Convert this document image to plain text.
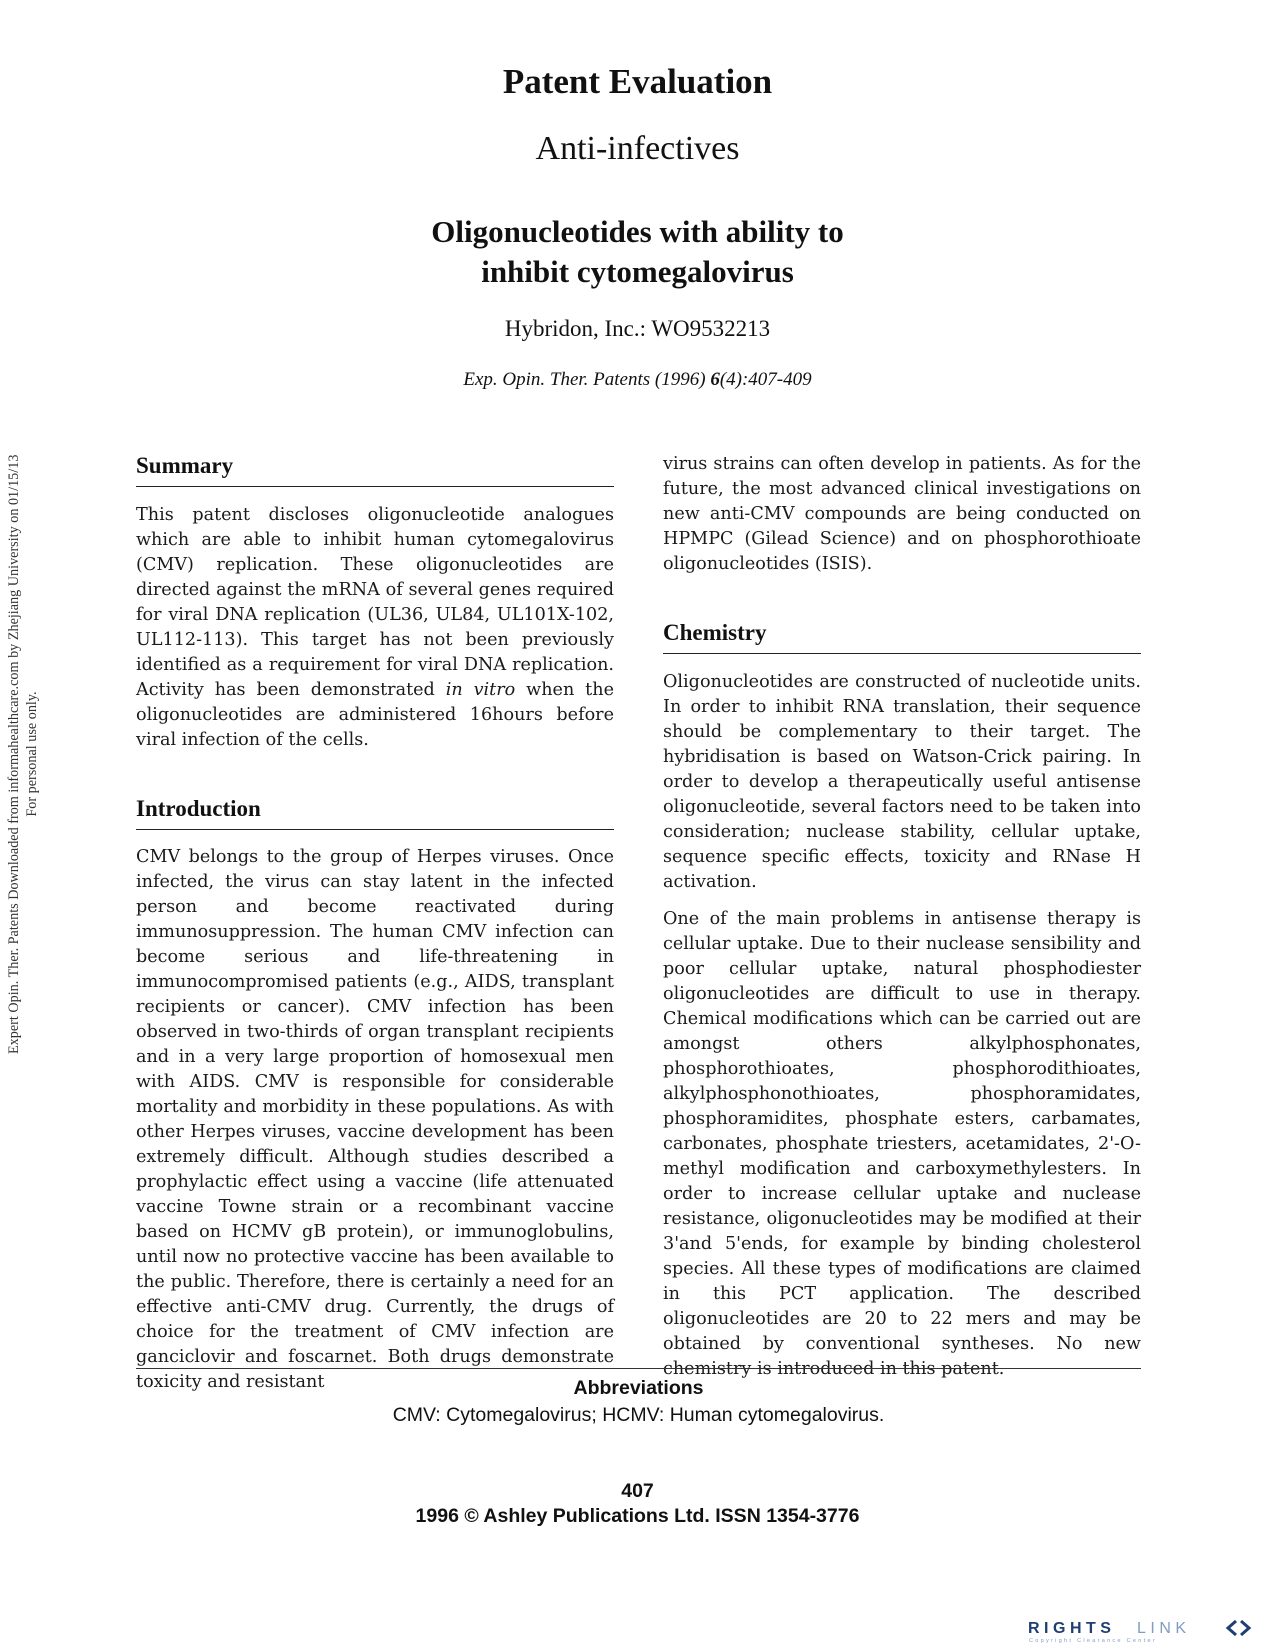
Expert Opin. Ther. Patents Downloaded from informahealthcare.com by Zhejiang University on 01/15/13 For personal use only.
Patent Evaluation
Anti-infectives
Oligonucleotides with ability to
inhibit cytomegalovirus
Hybridon, Inc.: WO9532213
Exp. Opin. Ther. Patents (1996) 6(4):407-409
Summary

This patent discloses oligonucleotide analogues which are able to inhibit human cytomegalovirus (CMV) replication. These oligonucleotides are directed against the mRNA of several genes required for viral DNA replication (UL36, UL84, UL101X-102, UL112-113). This target has not been previously identified as a requirement for viral DNA replication. Activity has been demonstrated in vitro when the oligonucleotides are administered 16hours before viral infection of the cells.

Introduction

CMV belongs to the group of Herpes viruses. Once infected, the virus can stay latent in the infected person and become reactivated during immunosuppression. The human CMV infection can become serious and life-threatening in immunocompromised patients (e.g., AIDS, transplant recipients or cancer). CMV infection has been observed in two-thirds of organ transplant recipients and in a very large proportion of homosexual men with AIDS. CMV is responsible for considerable mortality and morbidity in these populations. As with other Herpes viruses, vaccine development has been extremely difficult. Although studies described a prophylactic effect using a vaccine (life attenuated vaccine Towne strain or a recombinant vaccine based on HCMV gB protein), or immunoglobulins, until now no protective vaccine has been available to the public. Therefore, there is certainly a need for an effective anti-CMV drug. Currently, the drugs of choice for the treatment of CMV infection are ganciclovir and foscarnet. Both drugs demonstrate toxicity and resistant

virus strains can often develop in patients. As for the future, the most advanced clinical investigations on new anti-CMV compounds are being conducted on HPMPC (Gilead Science) and on phosphorothioate oligonucleotides (ISIS).

Chemistry

Oligonucleotides are constructed of nucleotide units. In order to inhibit RNA translation, their sequence should be complementary to their target. The hybridisation is based on Watson-Crick pairing. In order to develop a therapeutically useful antisense oligonucleotide, several factors need to be taken into consideration; nuclease stability, cellular uptake, sequence specific effects, toxicity and RNase H activation.

One of the main problems in antisense therapy is cellular uptake. Due to their nuclease sensibility and poor cellular uptake, natural phosphodiester oligonucleotides are difficult to use in therapy. Chemical modifications which can be carried out are amongst others alkylphosphonates, phosphorothioates, phosphorodithioates, alkylphosphonothioates, phosphoramidates, phosphoramidites, phosphate esters, carbamates, carbonates, phosphate triesters, acetamidates, 2'-O-methyl modification and carboxymethylesters. In order to increase cellular uptake and nuclease resistance, oligonucleotides may be modified at their 3'and 5'ends, for example by binding cholesterol species. All these types of modifications are claimed in this PCT application. The described oligonucleotides are 20 to 22 mers and may be obtained by conventional syntheses. No new chemistry is introduced in this patent.

Abbreviations
CMV: Cytomegalovirus; HCMV: Human cytomegalovirus.
407
1996 © Ashley Publications Ltd. ISSN 1354-3776
RIGHTS LINK
Copyright Clearance Center
